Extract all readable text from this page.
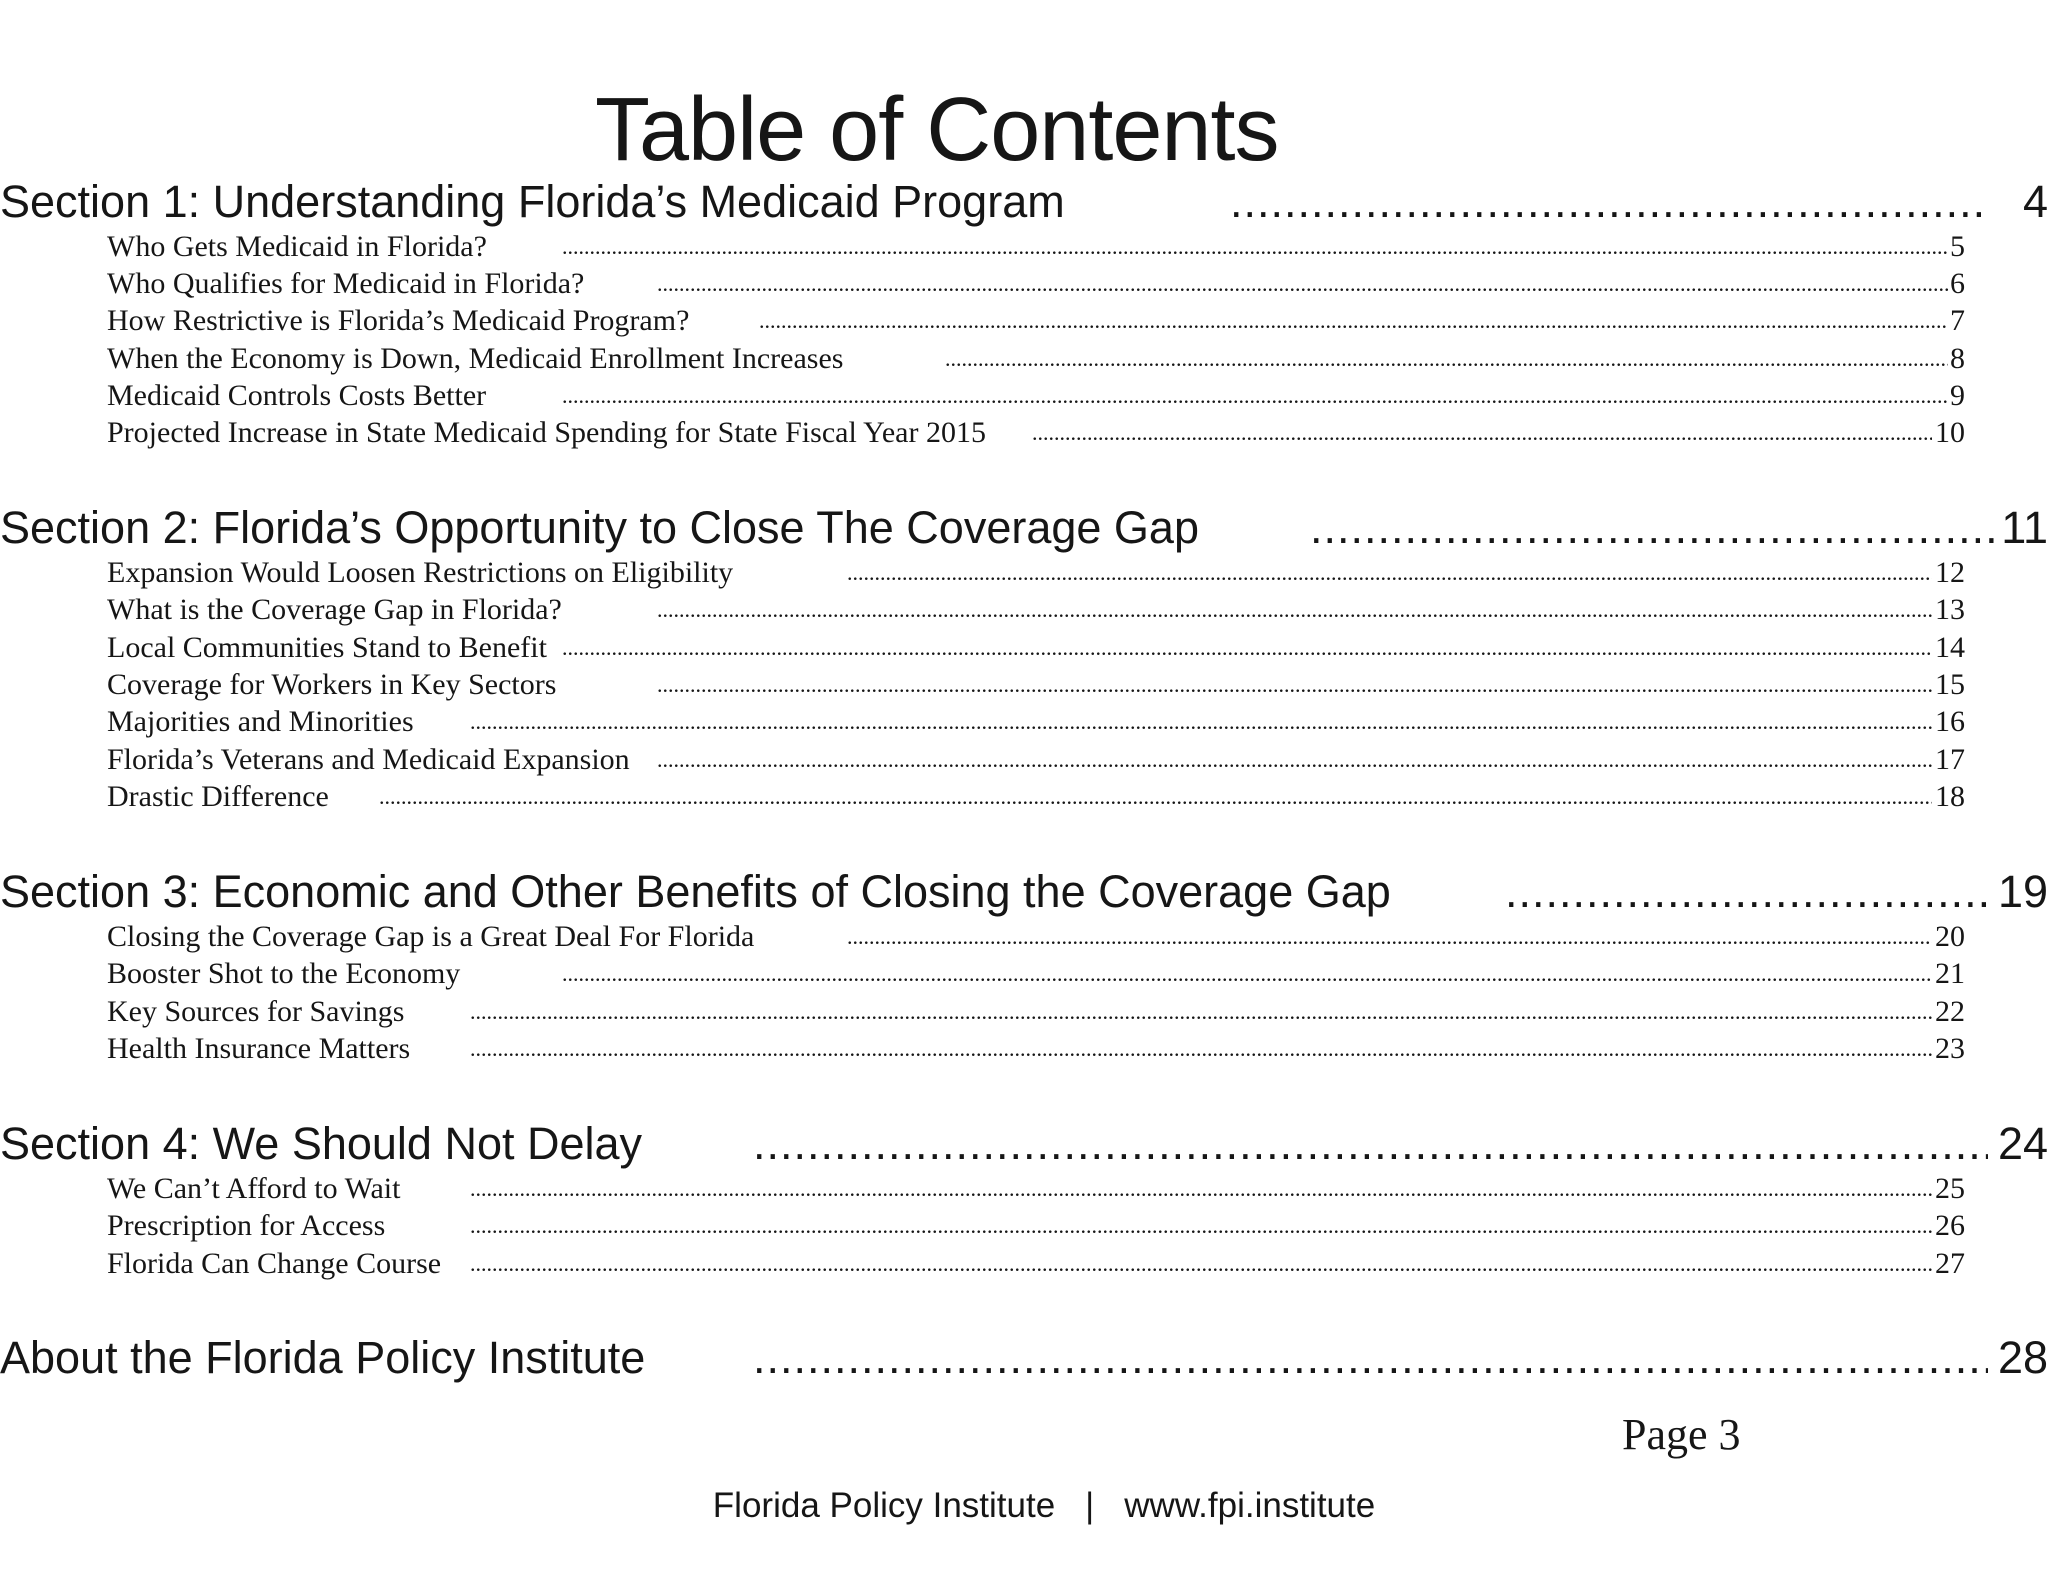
Table of Contents
Section 1: Understanding Florida’s Medicaid Program .....	4
Who Gets Medicaid in Florida? .....	5
Who Qualifies for Medicaid in Florida? .....	6
How Restrictive is Florida’s Medicaid Program? .....	7
When the Economy is Down, Medicaid Enrollment Increases .....	8
Medicaid Controls Costs Better .....	9
Projected Increase in State Medicaid Spending for State Fiscal Year 2015 .....	10
Section 2: Florida’s Opportunity to Close The Coverage Gap .....	11
Expansion Would Loosen Restrictions on Eligibility .....	12
What is the Coverage Gap in Florida? .....	13
Local Communities Stand to Benefit .....	14
Coverage for Workers in Key Sectors .....	15
Majorities and Minorities .....	16
Florida’s Veterans and Medicaid Expansion .....	17
Drastic Difference .....	18
Section 3: Economic and Other Benefits of Closing the Coverage Gap .....	19
Closing the Coverage Gap is a Great Deal For Florida .....	20
Booster Shot to the Economy .....	21
Key Sources for Savings .....	22
Health Insurance Matters .....	23
Section 4: We Should Not Delay .....	24
We Can’t Afford to Wait .....	25
Prescription for Access .....	26
Florida Can Change Course .....	27
About the Florida Policy Institute .....	28
Page 3
Florida Policy Institute | www.fpi.institute
